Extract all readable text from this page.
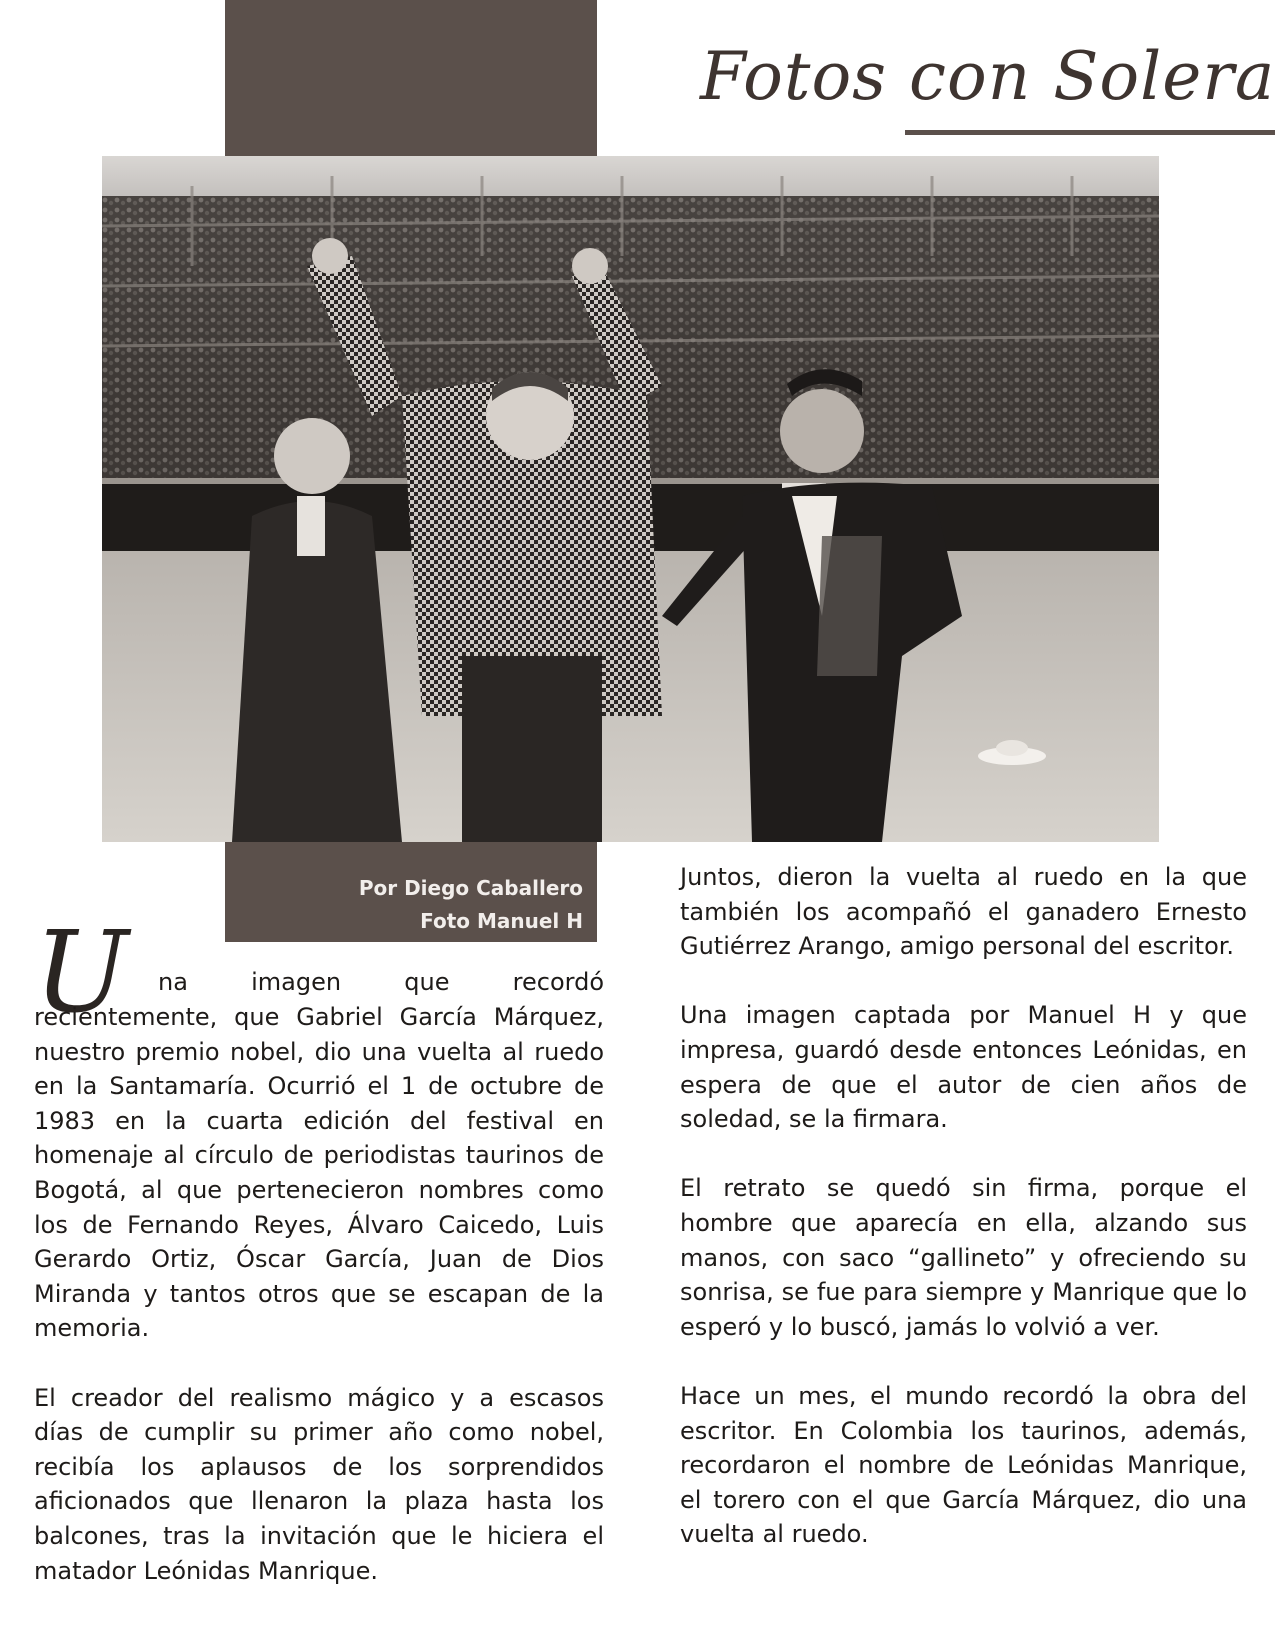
Fotos con Solera
Por Diego Caballero
Foto Manuel H
U	na imagen que recordó recientemente, que Gabriel García Márquez, nuestro premio nobel, dio una vuelta al ruedo en la Santamaría. Ocurrió el 1 de octubre de 1983 en la cuarta edición del festival en homenaje al círculo de periodistas taurinos de Bogotá, al que pertenecieron nombres como los de Fernando Reyes, Álvaro Caicedo, Luis Gerardo Ortiz, Óscar García, Juan de Dios Miranda y tantos otros que se escapan de la memoria.

El creador del realismo mágico y a escasos días de cumplir su primer año como nobel, recibía los aplausos de los sorprendidos aficionados que llenaron la plaza hasta los balcones, tras la invitación que le hiciera el matador Leónidas Manrique.

Juntos, dieron la vuelta al ruedo en la que también los acompañó el ganadero Ernesto Gutiérrez Arango, amigo personal del escritor.

Una imagen captada por Manuel H y que impresa, guardó desde entonces Leónidas, en espera de que el autor de cien años de soledad, se la firmara.

El retrato se quedó sin firma, porque el hombre que aparecía en ella, alzando sus manos, con saco “gallineto” y ofreciendo su sonrisa, se fue para siempre y Manrique que lo esperó y lo buscó, jamás lo volvió a ver.

Hace un mes, el mundo recordó la obra del escritor. En Colombia los taurinos, además, recordaron el nombre de Leónidas Manrique, el torero con el que García Márquez, dio una vuelta al ruedo.
